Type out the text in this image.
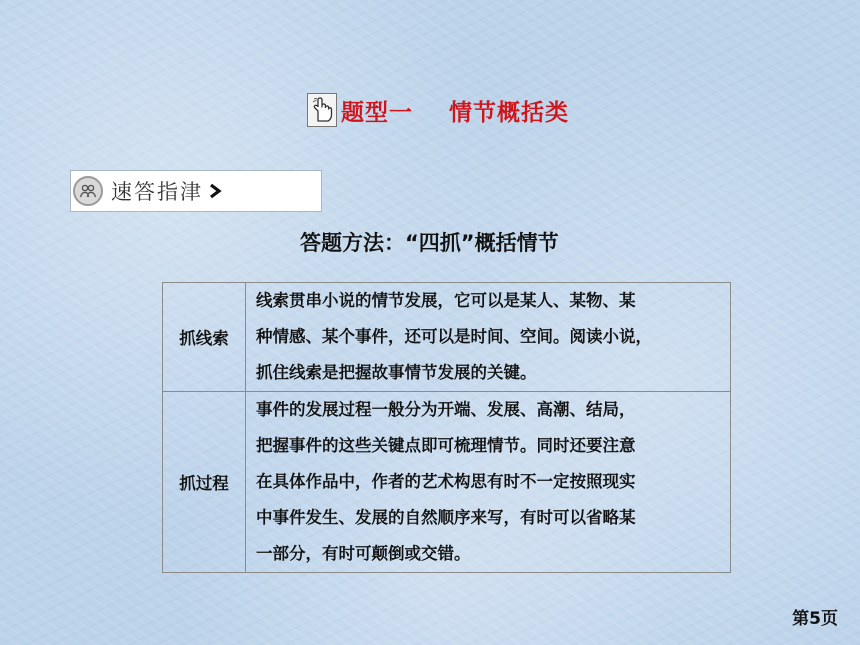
题型一    情节概括类
速答指津
答题方法：“四抓”概括情节
抓线索	线索贯串小说的情节发展，它可以是某人、某物、某
种情感、某个事件，还可以是时间、空间。阅读小说，
抓住线索是把握故事情节发展的关键。

抓过程	事件的发展过程一般分为开端、发展、高潮、结局，
把握事件的这些关键点即可梳理情节。同时还要注意
在具体作品中，作者的艺术构思有时不一定按照现实
中事件发生、发展的自然顺序来写，有时可以省略某
一部分，有时可颠倒或交错。
第5页
